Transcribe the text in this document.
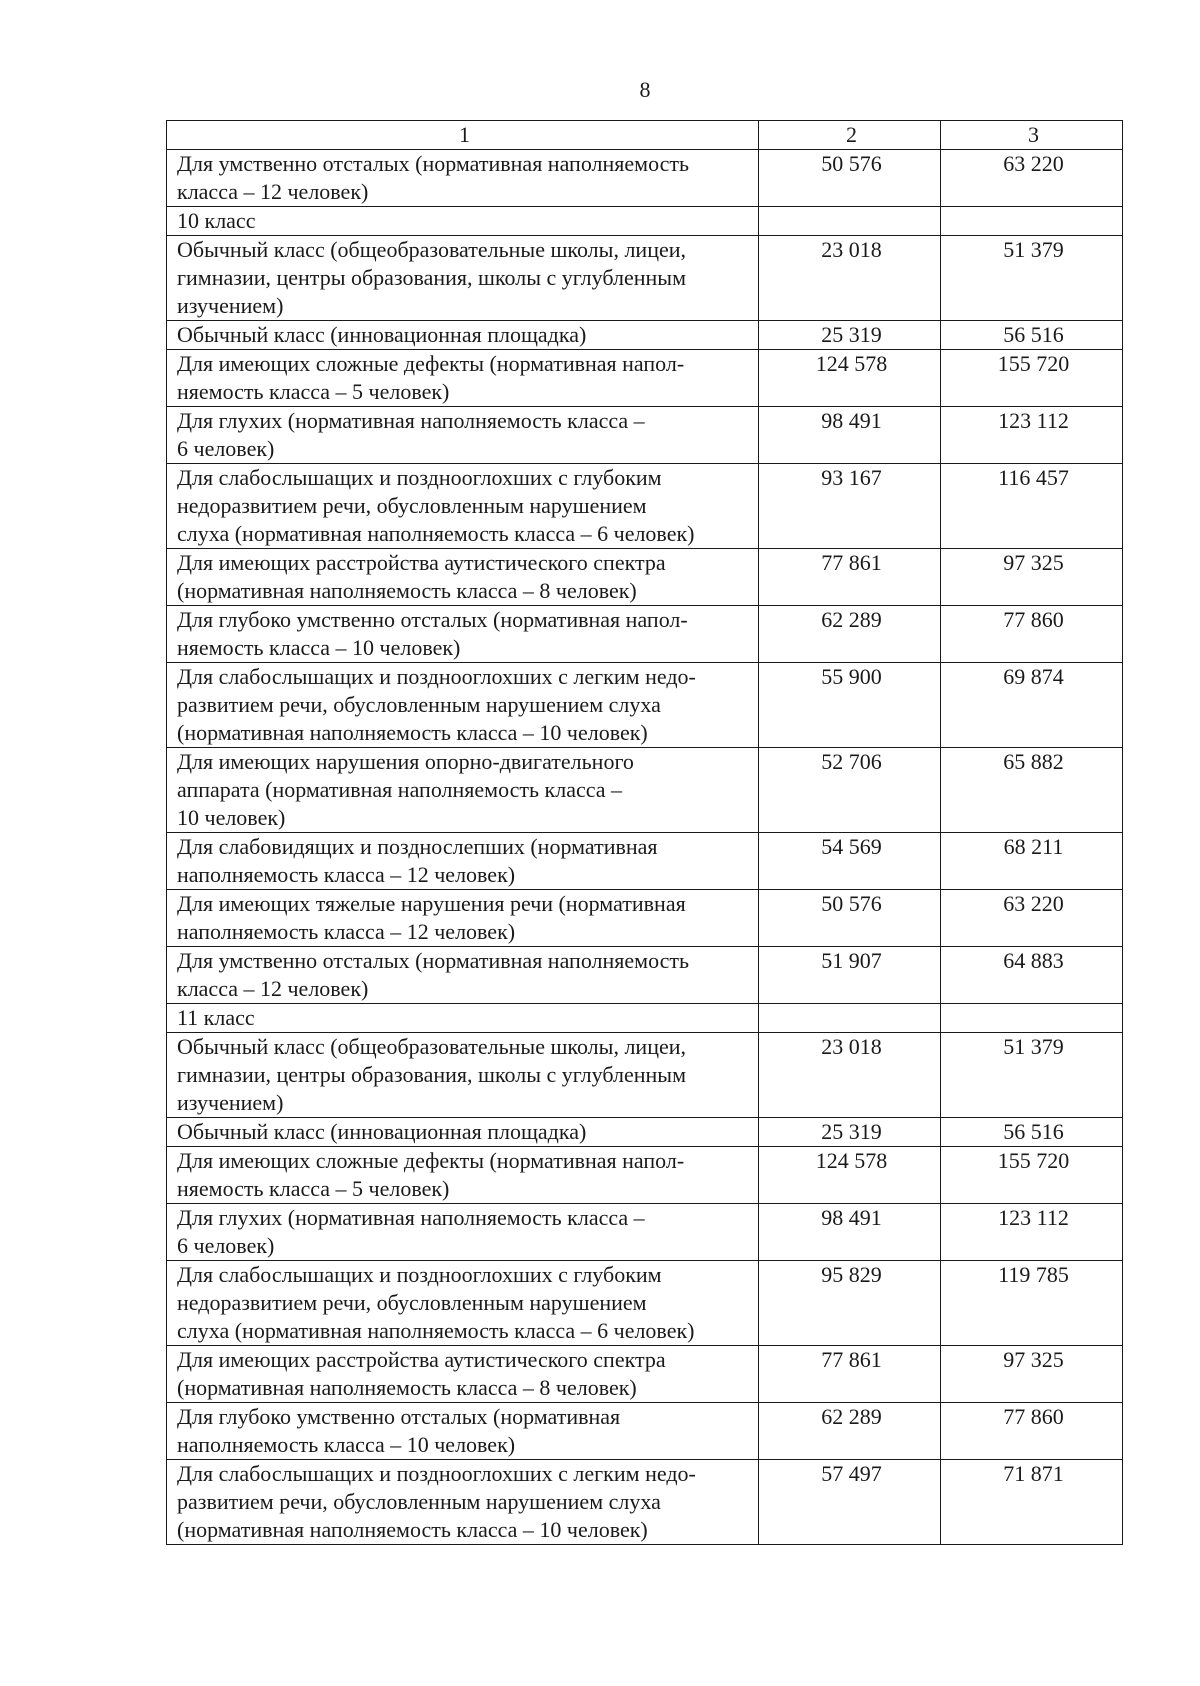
8
1	2	3
Для умственно отсталых (нормативная наполняемость
класса – 12 человек)	50 576	63 220
10 класс		
Обычный класс (общеобразовательные школы, лицеи,
гимназии, центры образования, школы с углубленным
изучением)	23 018	51 379
Обычный класс (инновационная площадка)	25 319	56 516
Для имеющих сложные дефекты (нормативная напол-
няемость класса – 5 человек)	124 578	155 720
Для глухих (нормативная наполняемость класса –
6 человек)	98 491	123 112
Для слабослышащих и позднооглохших с глубоким
недоразвитием речи, обусловленным нарушением
слуха (нормативная наполняемость класса – 6 человек)	93 167	116 457
Для имеющих расстройства аутистического спектра
(нормативная наполняемость класса – 8 человек)	77 861	97 325
Для глубоко умственно отсталых (нормативная напол-
няемость класса – 10 человек)	62 289	77 860
Для слабослышащих и позднооглохших с легким недо-
развитием речи, обусловленным нарушением слуха
(нормативная наполняемость класса – 10 человек)	55 900	69 874
Для имеющих нарушения опорно-двигательного
аппарата (нормативная наполняемость класса –
10 человек)	52 706	65 882
Для слабовидящих и позднослепших (нормативная
наполняемость класса – 12 человек)	54 569	68 211
Для имеющих тяжелые нарушения речи (нормативная
наполняемость класса – 12 человек)	50 576	63 220
Для умственно отсталых (нормативная наполняемость
класса – 12 человек)	51 907	64 883
11 класс		
Обычный класс (общеобразовательные школы, лицеи,
гимназии, центры образования, школы с углубленным
изучением)	23 018	51 379
Обычный класс (инновационная площадка)	25 319	56 516
Для имеющих сложные дефекты (нормативная напол-
няемость класса – 5 человек)	124 578	155 720
Для глухих (нормативная наполняемость класса –
6 человек)	98 491	123 112
Для слабослышащих и позднооглохших с глубоким
недоразвитием речи, обусловленным нарушением
слуха (нормативная наполняемость класса – 6 человек)	95 829	119 785
Для имеющих расстройства аутистического спектра
(нормативная наполняемость класса – 8 человек)	77 861	97 325
Для глубоко умственно отсталых (нормативная
наполняемость класса – 10 человек)	62 289	77 860
Для слабослышащих и позднооглохших с легким недо-
развитием речи, обусловленным нарушением слуха
(нормативная наполняемость класса – 10 человек)	57 497	71 871
